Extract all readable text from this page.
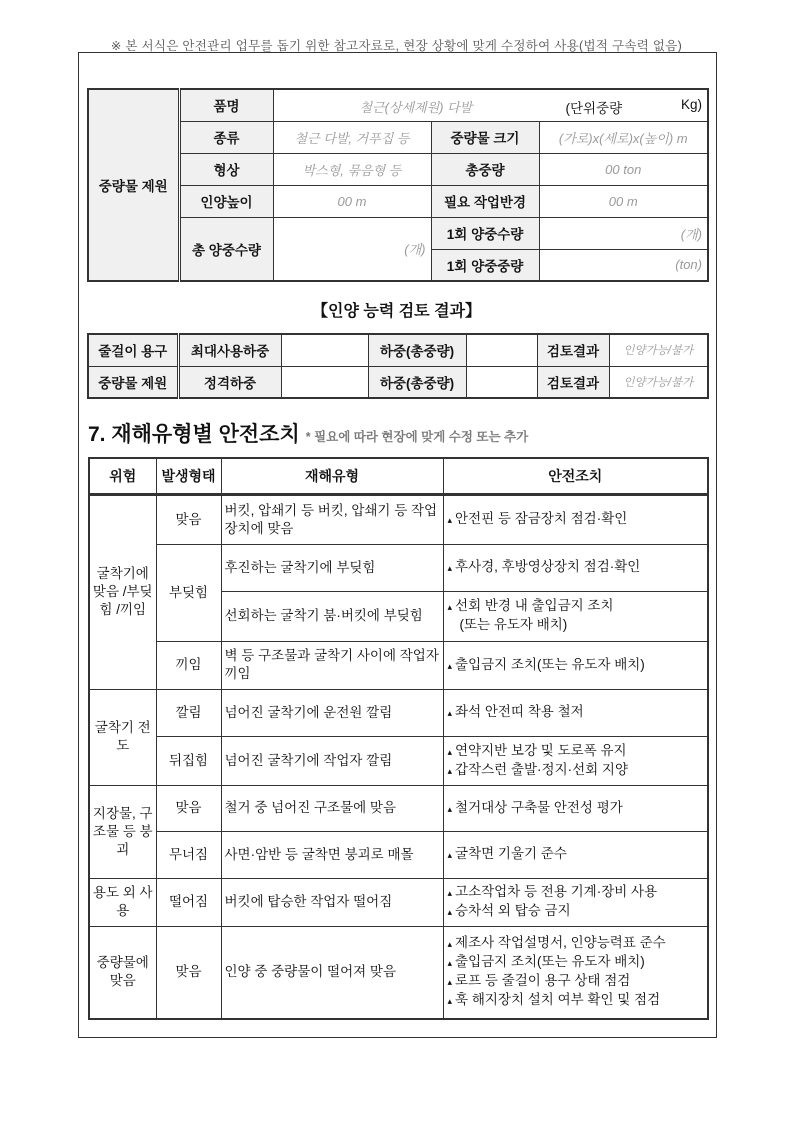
※ 본 서식은 안전관리 업무를 돕기 위한 참고자료로, 현장 상황에 맞게 수정하여 사용(법적 구속력 없음)
중량물 제원	품명	철근(상세제원) 다발 (단위중량 Kg)		

	종류	철근 다발, 거푸집 등	중량물 크기	(가로)x(세로)x(높이) m
	형상	박스형, 묶음형 등	총중량	00 ton
	인양높이	00 m	필요 작업반경	00 m
	총 양중수량	(개)	1회 양중수량	(개)
			1회 양중중량	(ton)
【인양 능력 검토 결과】
줄걸이 용구	최대사용하중		하중(총중량)		검토결과	인양가능/불가
중량물 제원	정격하중		하중(총중량)		검토결과	인양가능/불가
7. 재해유형별 안전조치 * 필요에 따라 현장에 맞게 수정 또는 추가
위험	발생형태	재해유형	안전조치
굴착기에 맞음 /부딪힘 /끼임	맞음	버킷, 압쇄기 등 버킷, 압쇄기 등 작업장치에 맞음	▴ 안전핀 등 잠금장치 점검·확인

	부딪힘	후진하는 굴착기에 부딪힘	▴ 후사경, 후방영상장치 점검·확인

		선회하는 굴착기 붐·버킷에 부딪힘	▴ 선회 반경 내 출입금지 조치
(또는 유도자 배치)

	끼임	벽 등 구조물과 굴착기 사이에 작업자 끼임	▴ 출입금지 조치(또는 유도자 배치)

굴착기 전도	깔림	넘어진 굴착기에 운전원 깔림	▴ 좌석 안전띠 착용 철저

	뒤집힘	넘어진 굴착기에 작업자 깔림	▴ 연약지반 보강 및 도로폭 유지
▴ 갑작스런 출발·정지·선회 지양

지장물, 구조물 등 붕괴	맞음	철거 중 넘어진 구조물에 맞음	▴ 철거대상 구축물 안전성 평가

	무너짐	사면·암반 등 굴착면 붕괴로 매몰	▴ 굴착면 기울기 준수

용도 외 사용	떨어짐	버킷에 탑승한 작업자 떨어짐	▴ 고소작업차 등 전용 기계·장비 사용
▴ 승차석 외 탑승 금지

중량물에 맞음	맞음	인양 중 중량물이 떨어져 맞음	▴ 제조사 작업설명서, 인양능력표 준수
▴ 출입금지 조치(또는 유도자 배치)
▴ 로프 등 줄걸이 용구 상태 점검
▴ 훅 해지장치 설치 여부 확인 및 점검
